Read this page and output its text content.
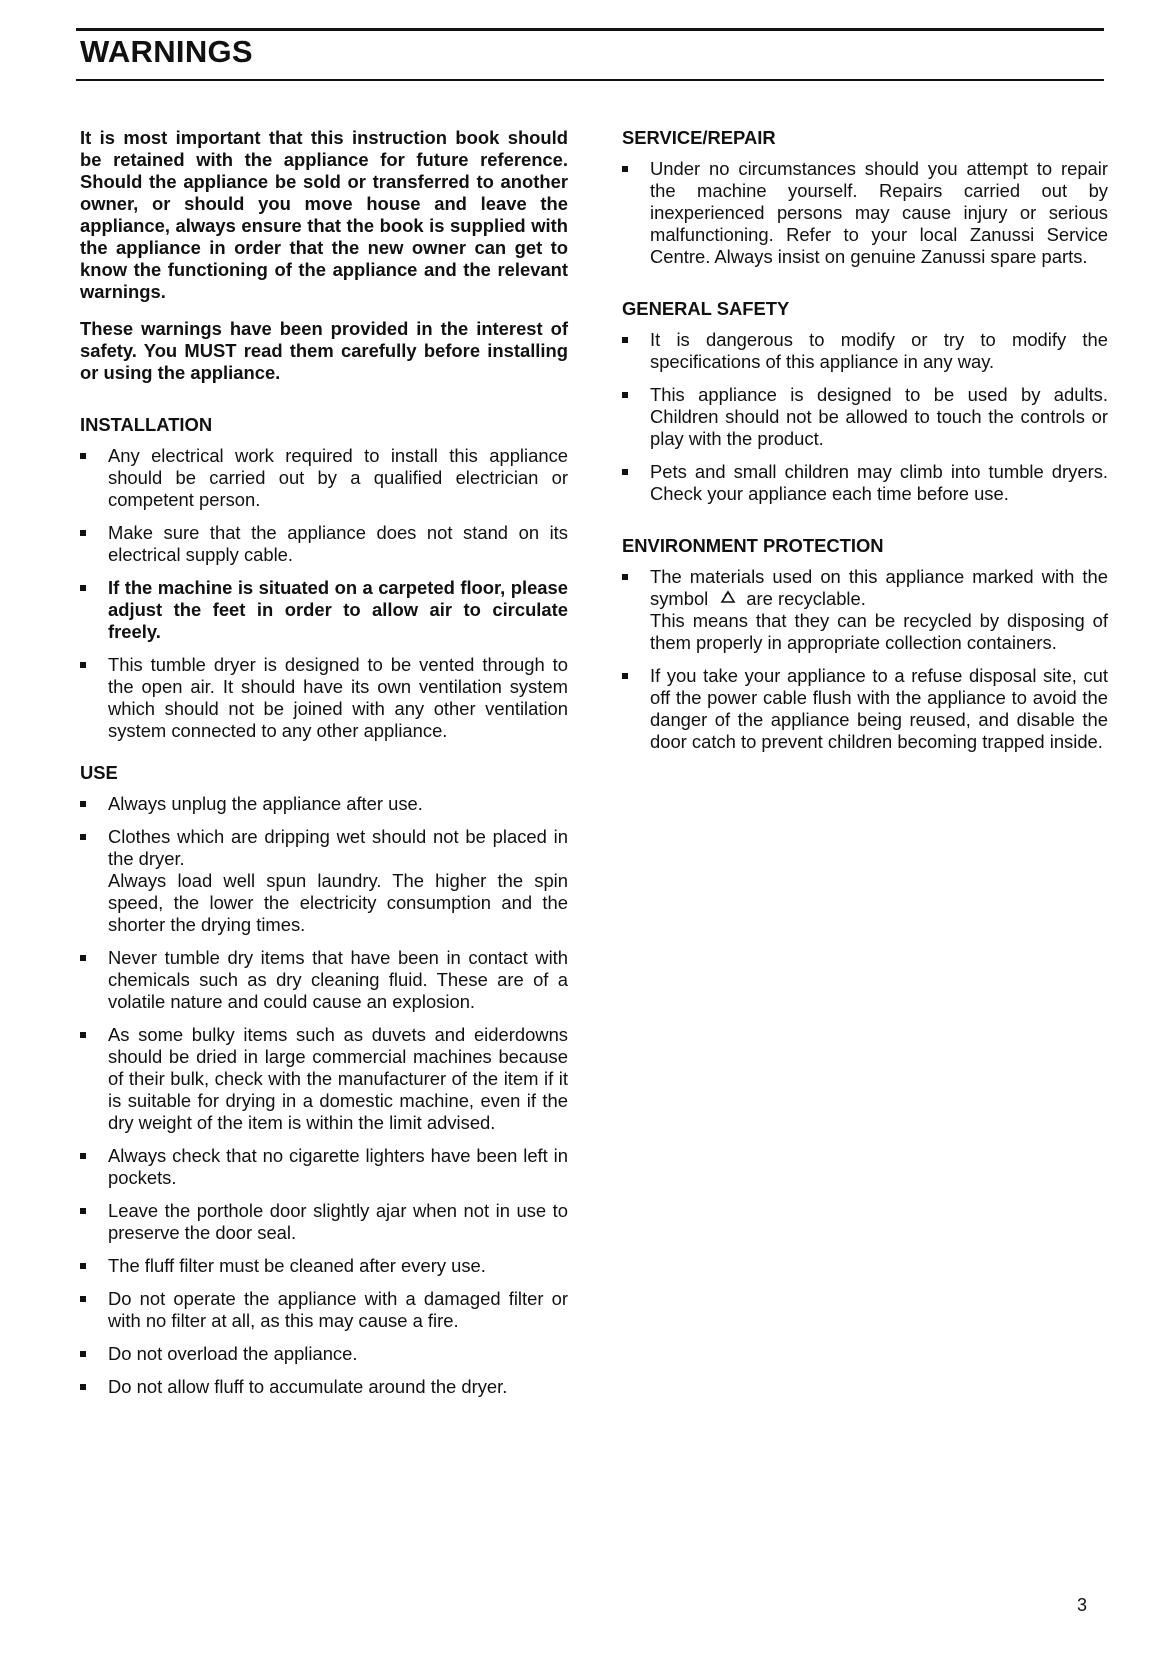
WARNINGS

It is most important that this instruction book should be retained with the appliance for future reference. Should the appliance be sold or transferred to another owner, or should you move house and leave the appliance, always ensure that the book is supplied with the appliance in order that the new owner can get to know the functioning of the appliance and the relevant warnings.

These warnings have been provided in the interest of safety. You MUST read them carefully before installing or using the appliance.

INSTALLATION
Any electrical work required to install this appliance should be carried out by a qualified electrician or competent person.
Make sure that the appliance does not stand on its electrical supply cable.
If the machine is situated on a carpeted floor, please adjust the feet in order to allow air to circulate freely.
This tumble dryer is designed to be vented through to the open air. It should have its own ventilation system which should not be joined with any other ventilation system connected to any other appliance.
USE
Always unplug the appliance after use.
Clothes which are dripping wet should not be placed in the dryer.
Always load well spun laundry. The higher the spin speed, the lower the electricity consumption and the shorter the drying times.
Never tumble dry items that have been in contact with chemicals such as dry cleaning fluid. These are of a volatile nature and could cause an explosion.
As some bulky items such as duvets and eiderdowns should be dried in large commercial machines because of their bulk, check with the manufacturer of the item if it is suitable for drying in a domestic machine, even if the dry weight of the item is within the limit advised.
Always check that no cigarette lighters have been left in pockets.
Leave the porthole door slightly ajar when not in use to preserve the door seal.
The fluff filter must be cleaned after every use.
Do not operate the appliance with a damaged filter or with no filter at all, as this may cause a fire.
Do not overload the appliance.
Do not allow fluff to accumulate around the dryer.
SERVICE/REPAIR
Under no circumstances should you attempt to repair the machine yourself. Repairs carried out by inexperienced persons may cause injury or serious malfunctioning. Refer to your local Zanussi Service Centre. Always insist on genuine Zanussi spare parts.
GENERAL SAFETY
It is dangerous to modify or try to modify the specifications of this appliance in any way.
This appliance is designed to be used by adults. Children should not be allowed to touch the controls or play with the product.
Pets and small children may climb into tumble dryers. Check your appliance each time before use.
ENVIRONMENT PROTECTION
The materials used on this appliance marked with the symbol are recyclable.
This means that they can be recycled by disposing of them properly in appropriate collection containers.
If you take your appliance to a refuse disposal site, cut off the power cable flush with the appliance to avoid the danger of the appliance being reused, and disable the door catch to prevent children becoming trapped inside.

3
